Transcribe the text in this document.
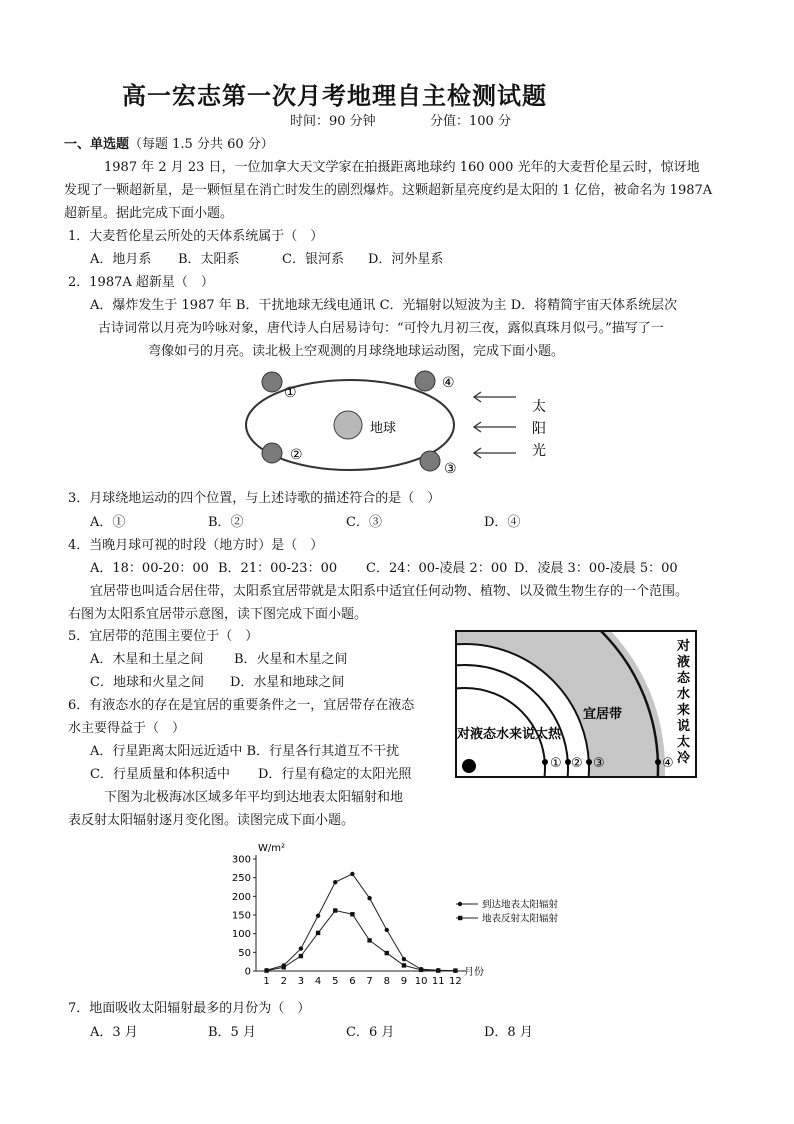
高一宏志第一次月考地理自主检测试题
时间：90 分钟	分值：100 分
一、单选题（每题 1.5 分共 60 分）
1987 年 2 月 23 日，一位加拿大天文学家在拍摄距离地球约 160 000 光年的大麦哲伦星云时，惊讶地
发现了一颗超新星，是一颗恒星在消亡时发生的剧烈爆炸。这颗超新星亮度约是太阳的 1 亿倍，被命名为 1987A
超新星。据此完成下面小题。
1．大麦哲伦星云所处的天体系统属于（　）
A．地月系 B．太阳系	C．银河系 D．河外星系
2．1987A 超新星（　）
A．爆炸发生于 1987 年 B．干扰地球无线电通讯 C．光辐射以短波为主 D．将精简宇宙天体系统层次
古诗词常以月亮为吟咏对象，唐代诗人白居易诗句：“可怜九月初三夜，露似真珠月似弓。”描写了一
弯像如弓的月亮。读北极上空观测的月球绕地球运动图，完成下面小题。
地球
①
②
③
④
太
阳
光
3．月球绕地运动的四个位置，与上述诗歌的描述符合的是（　）
A．①	B．②	C．③	D．④
4．当晚月球可视的时段（地方时）是（　）
A．18：00-20：00 B．21：00-23：00 C．24：00-凌晨 2：00 D．凌晨 3：00-凌晨 5：00
宜居带也叫适合居住带，太阳系宜居带就是太阳系中适宜任何动物、植物、以及微生物生存的一个范围。
右图为太阳系宜居带示意图，读下图完成下面小题。
① ② ③	④
对液态水来说太热
宜居带
对
液
态
水
来
说
太
冷
5．宜居带的范围主要位于（　）
A．木星和土星之间 B．火星和木星之间
C．地球和火星之间 D．水星和地球之间
6．有液态水的存在是宜居的重要条件之一，宜居带存在液态
水主要得益于（　）
A．行星距离太阳远近适中 B．行星各行其道互不干扰
C．行星质量和体积适中 D．行星有稳定的太阳光照
下图为北极海冰区域多年平均到达地表太阳辐射和地
表反射太阳辐射逐月变化图。读图完成下面小题。
0
50
100
150
200
250
300
W/m²
1 2 3 4 5 6 7 8 9 10 11 12
月份
到达地表太阳辐射
地表反射太阳辐射
7．地面吸收太阳辐射最多的月份为（　）
A．3 月	B．5 月	C．6 月	D．8 月
